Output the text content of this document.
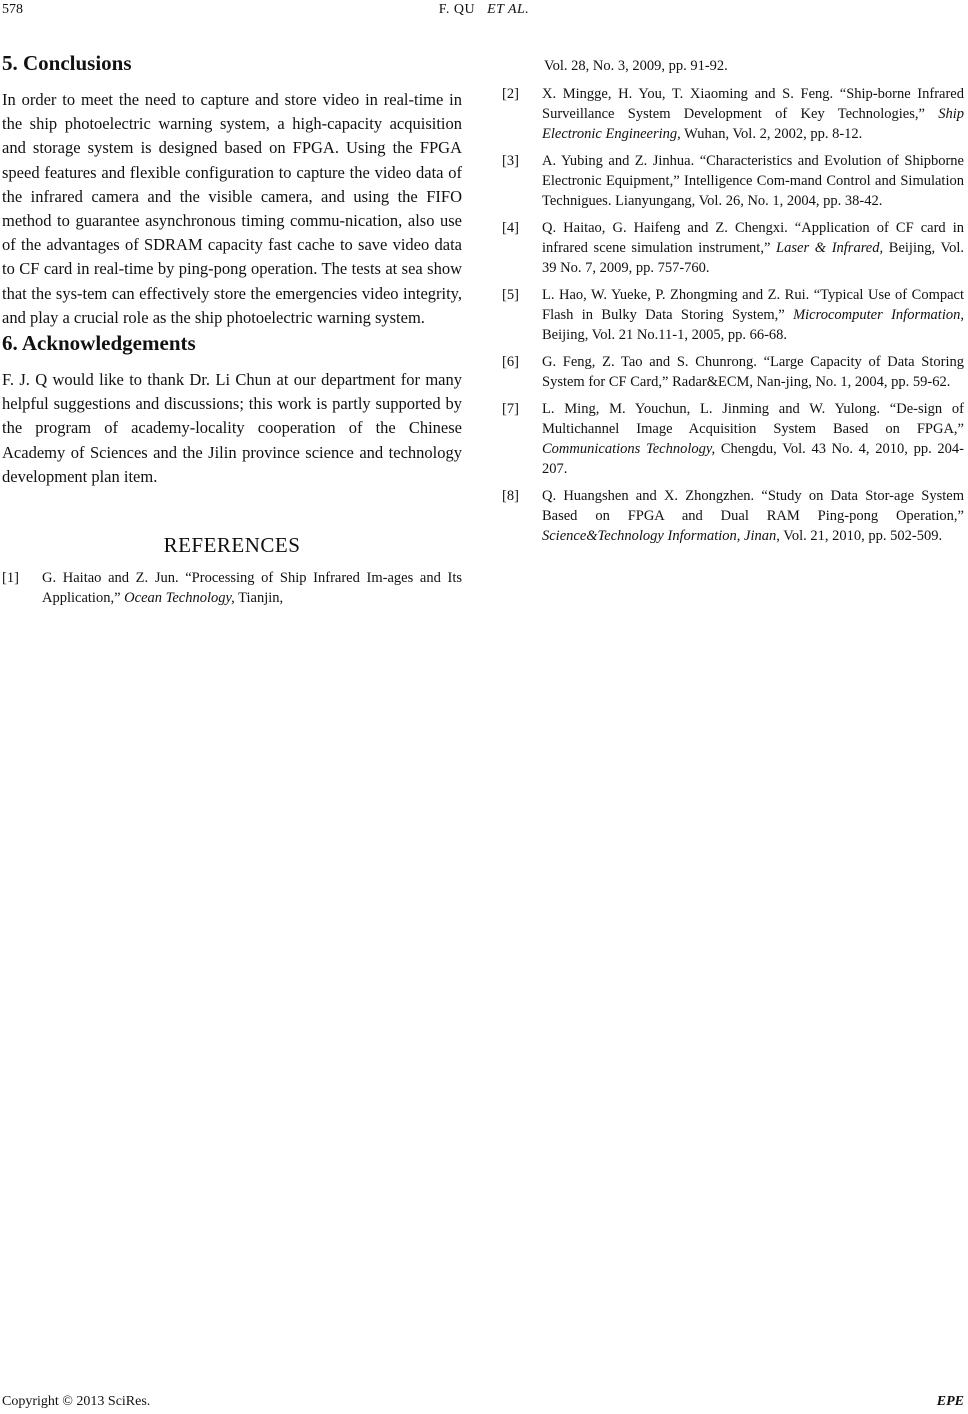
578	F. QU ET AL.
5. Conclusions

In order to meet the need to capture and store video in real-time in the ship photoelectric warning system, a high-capacity acquisition and storage system is designed based on FPGA. Using the FPGA speed features and flexible configuration to capture the video data of the infrared camera and the visible camera, and using the FIFO method to guarantee asynchronous timing commu-nication, also use of the advantages of SDRAM capacity fast cache to save video data to CF card in real-time by ping-pong operation. The tests at sea show that the sys-tem can effectively store the emergencies video integrity, and play a crucial role as the ship photoelectric warning system.

6. Acknowledgements

F. J. Q would like to thank Dr. Li Chun at our department for many helpful suggestions and discussions; this work is partly supported by the program of academy-locality cooperation of the Chinese Academy of Sciences and the Jilin province science and technology development plan item.

REFERENCES
[1]	G. Haitao and Z. Jun. “Processing of Ship Infrared Im-ages and Its Application,” Ocean Technology, Tianjin,
Vol. 28, No. 3, 2009, pp. 91-92.
[2]	X. Mingge, H. You, T. Xiaoming and S. Feng. “Ship-borne Infrared Surveillance System Development of Key Technologies,” Ship Electronic Engineering, Wuhan, Vol. 2, 2002, pp. 8-12.
[3]	A. Yubing and Z. Jinhua. “Characteristics and Evolution of Shipborne Electronic Equipment,” Intelligence Com-mand Control and Simulation Technigues. Lianyungang, Vol. 26, No. 1, 2004, pp. 38-42.
[4]	Q. Haitao, G. Haifeng and Z. Chengxi. “Application of CF card in infrared scene simulation instrument,” Laser & Infrared, Beijing, Vol. 39 No. 7, 2009, pp. 757-760.
[5]	L. Hao, W. Yueke, P. Zhongming and Z. Rui. “Typical Use of Compact Flash in Bulky Data Storing System,” Microcomputer Information, Beijing, Vol. 21 No.11-1, 2005, pp. 66-68.
[6]	G. Feng, Z. Tao and S. Chunrong. “Large Capacity of Data Storing System for CF Card,” Radar&ECM, Nan-jing, No. 1, 2004, pp. 59-62.
[7]	L. Ming, M. Youchun, L. Jinming and W. Yulong. “De-sign of Multichannel Image Acquisition System Based on FPGA,” Communications Technology, Chengdu, Vol. 43 No. 4, 2010, pp. 204-207.
[8]	Q. Huangshen and X. Zhongzhen. “Study on Data Stor-age System Based on FPGA and Dual RAM Ping-pong Operation,” Science&Technology Information, Jinan, Vol. 21, 2010, pp. 502-509.
Copyright © 2013 SciRes.	EPE
